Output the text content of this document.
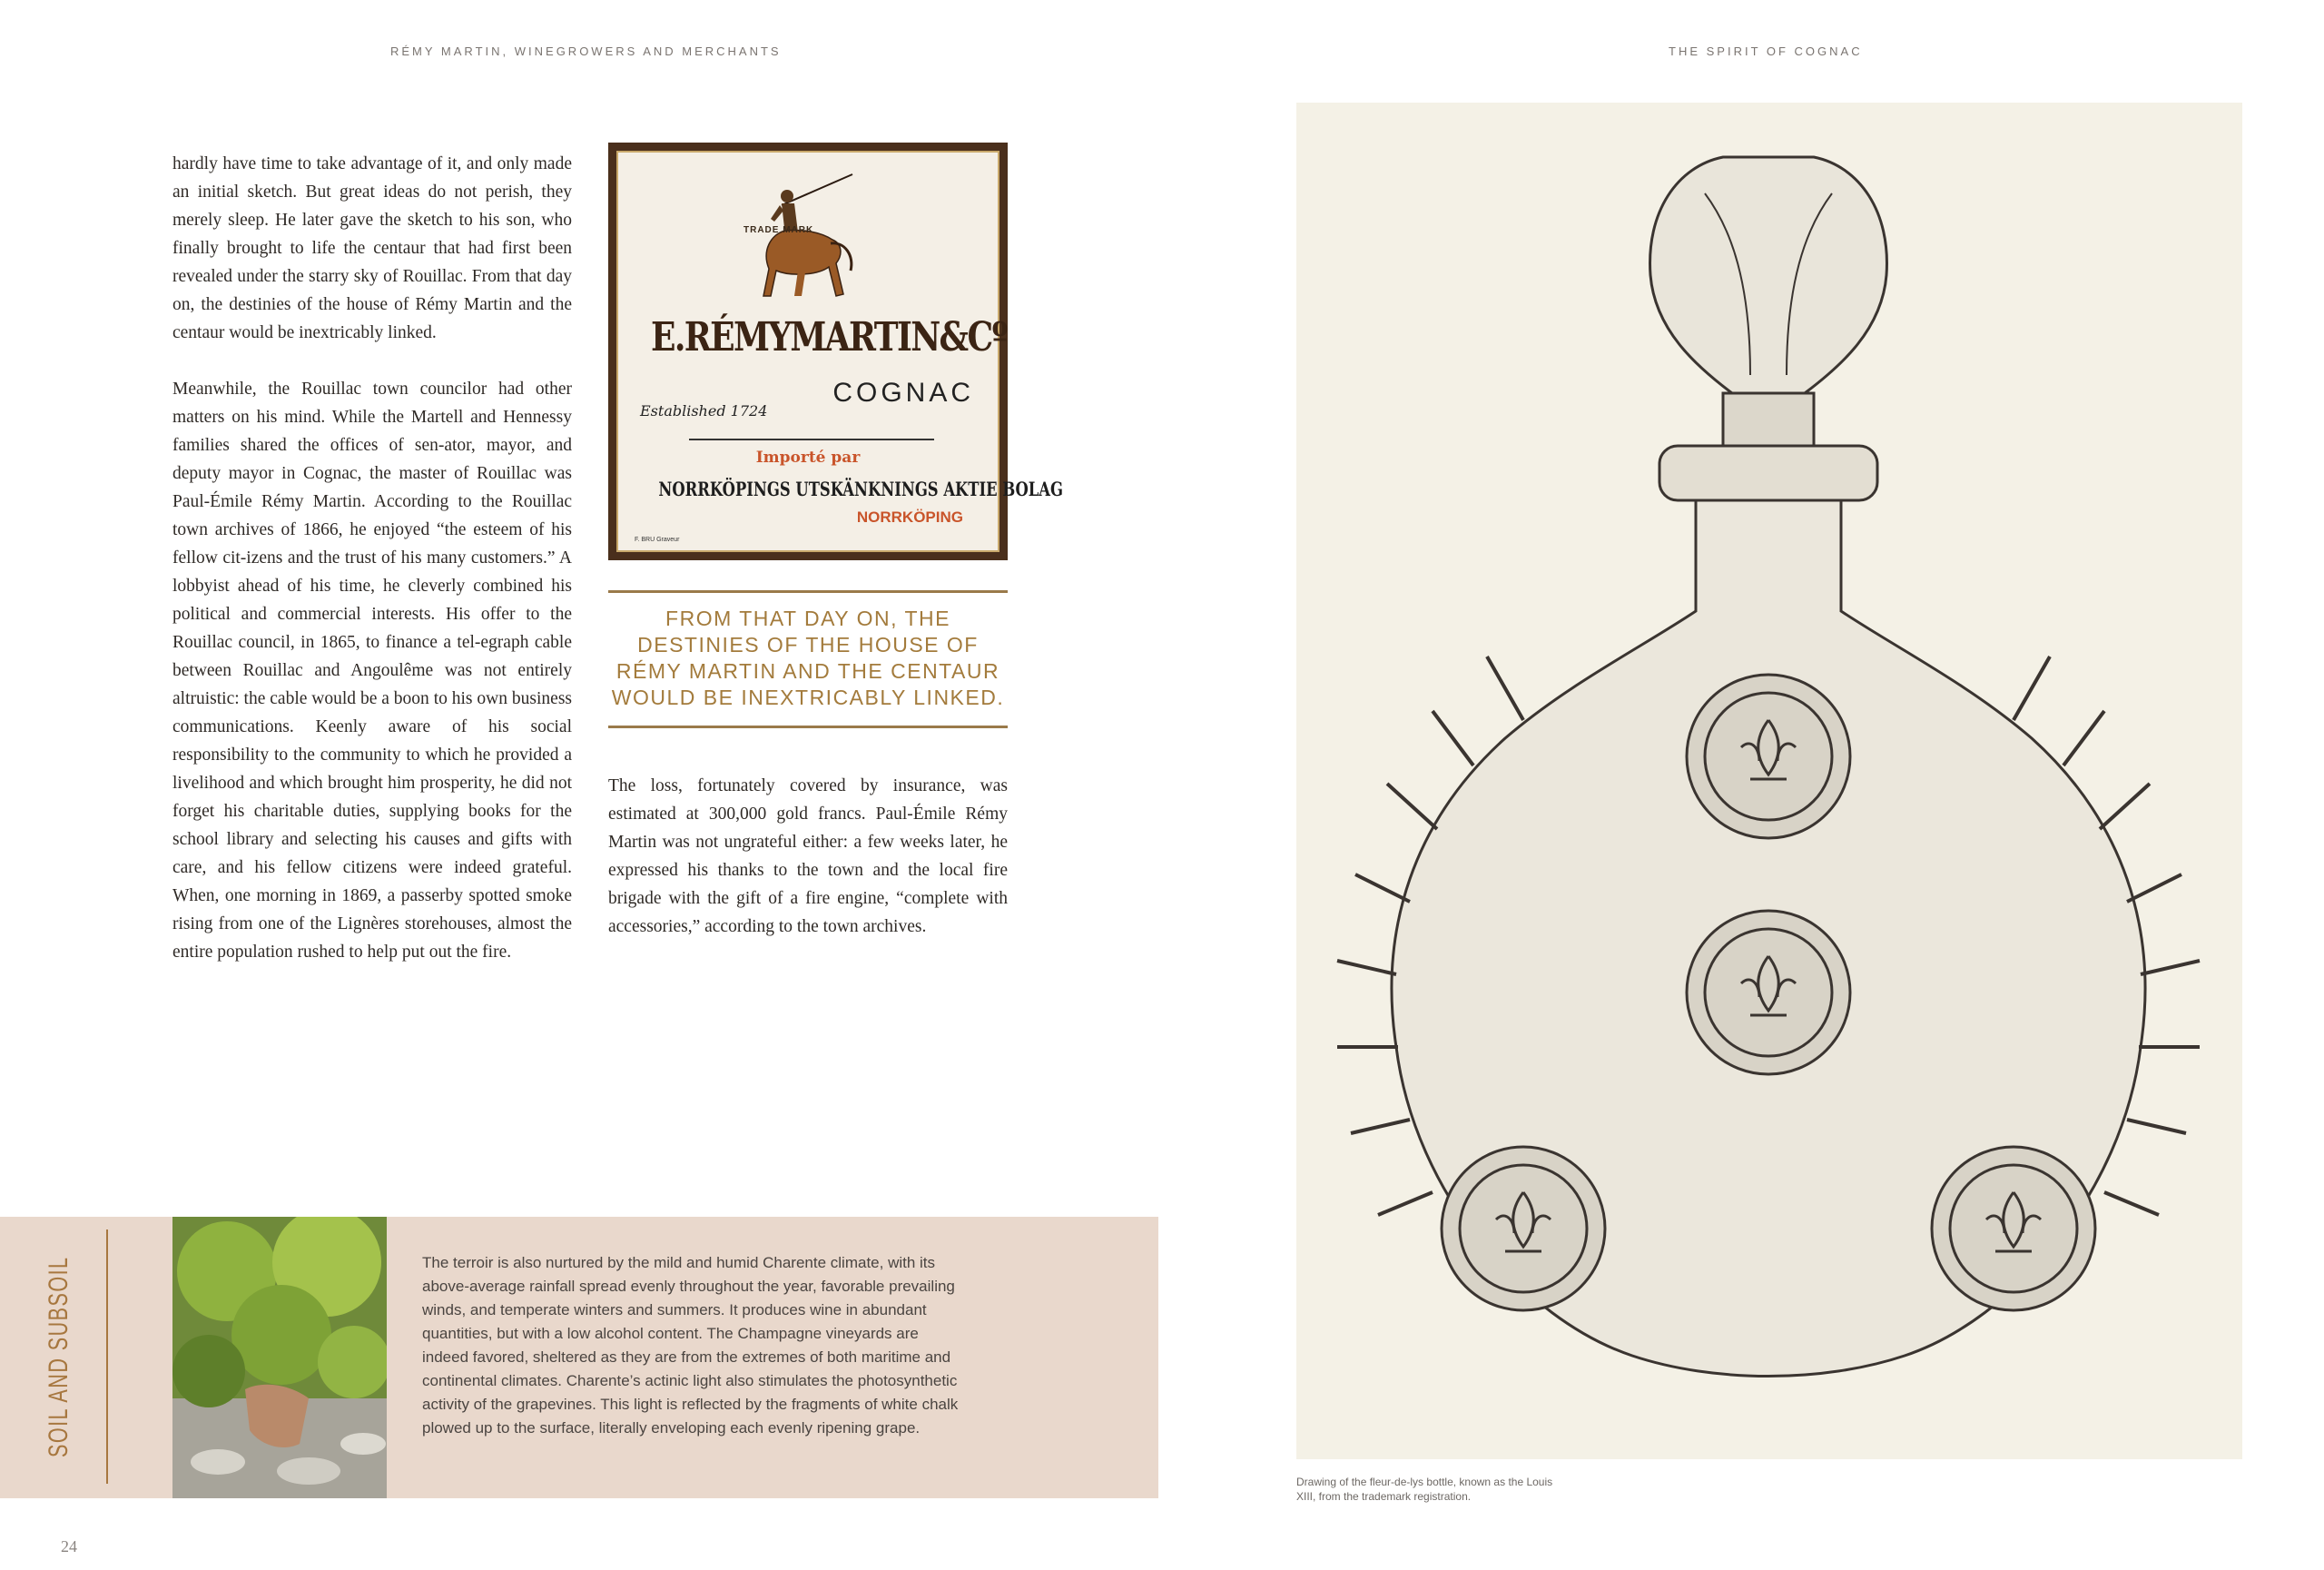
RÉMY MARTIN, WINEGROWERS AND MERCHANTS	THE SPIRIT OF COGNAC

hardly have time to take advantage of it, and only made an initial sketch. But great ideas do not perish, they merely sleep. He later gave the sketch to his son, who finally brought to life the centaur that had first been revealed under the starry sky of Rouillac. From that day on, the destinies of the house of Rémy Martin and the centaur would be inextricably linked.

Meanwhile, the Rouillac town councilor had other matters on his mind. While the Martell and Hennessy families shared the offices of sen-ator, mayor, and deputy mayor in Cognac, the master of Rouillac was Paul-Émile Rémy Martin. According to the Rouillac town archives of 1866, he enjoyed “the esteem of his fellow cit-izens and the trust of his many customers.” A lobbyist ahead of his time, he cleverly combined his political and commercial interests. His offer to the Rouillac council, in 1865, to finance a tel-egraph cable between Rouillac and Angoulême was not entirely altruistic: the cable would be a boon to his own business communications. Keenly aware of his social responsibility to the community to which he provided a livelihood and which brought him prosperity, he did not forget his charitable duties, supplying books for the school library and selecting his causes and gifts with care, and his fellow citizens were indeed grateful. When, one morning in 1869, a passerby spotted smoke rising from one of the Lignères storehouses, almost the entire population rushed to help put out the fire.

TRADE MARK
E.RÉMYMARTIN&Cº
COGNAC
Established 1724
Importé par
NORRKÖPINGS UTSKÄNKNINGS AKTIE BOLAG
NORRKÖPING
F. BRU Graveur
FROM THAT DAY ON, THE DESTINIES OF THE HOUSE OF RÉMY MARTIN AND THE CENTAUR WOULD BE INEXTRICABLY LINKED.

The loss, fortunately covered by insurance, was estimated at 300,000 gold francs. Paul-Émile Rémy Martin was not ungrateful either: a few weeks later, he expressed his thanks to the town and the local fire brigade with the gift of a fire engine, “complete with accessories,” according to the town archives.

SOIL AND SUBSOIL	The terroir is also nurtured by the mild and humid Charente climate, with its above-average rainfall spread evenly throughout the year, favorable prevailing winds, and temperate winters and summers. It produces wine in abundant quantities, but with a low alcohol content. The Champagne vineyards are indeed favored, sheltered as they are from the extremes of both maritime and continental climates. Charente’s actinic light also stimulates the photosynthetic activity of the grapevines. This light is reflected by the fragments of white chalk plowed up to the surface, literally enveloping each evenly ripening grape.
Drawing of the fleur-de-lys bottle, known as the Louis XIII, from the trademark registration.
24
